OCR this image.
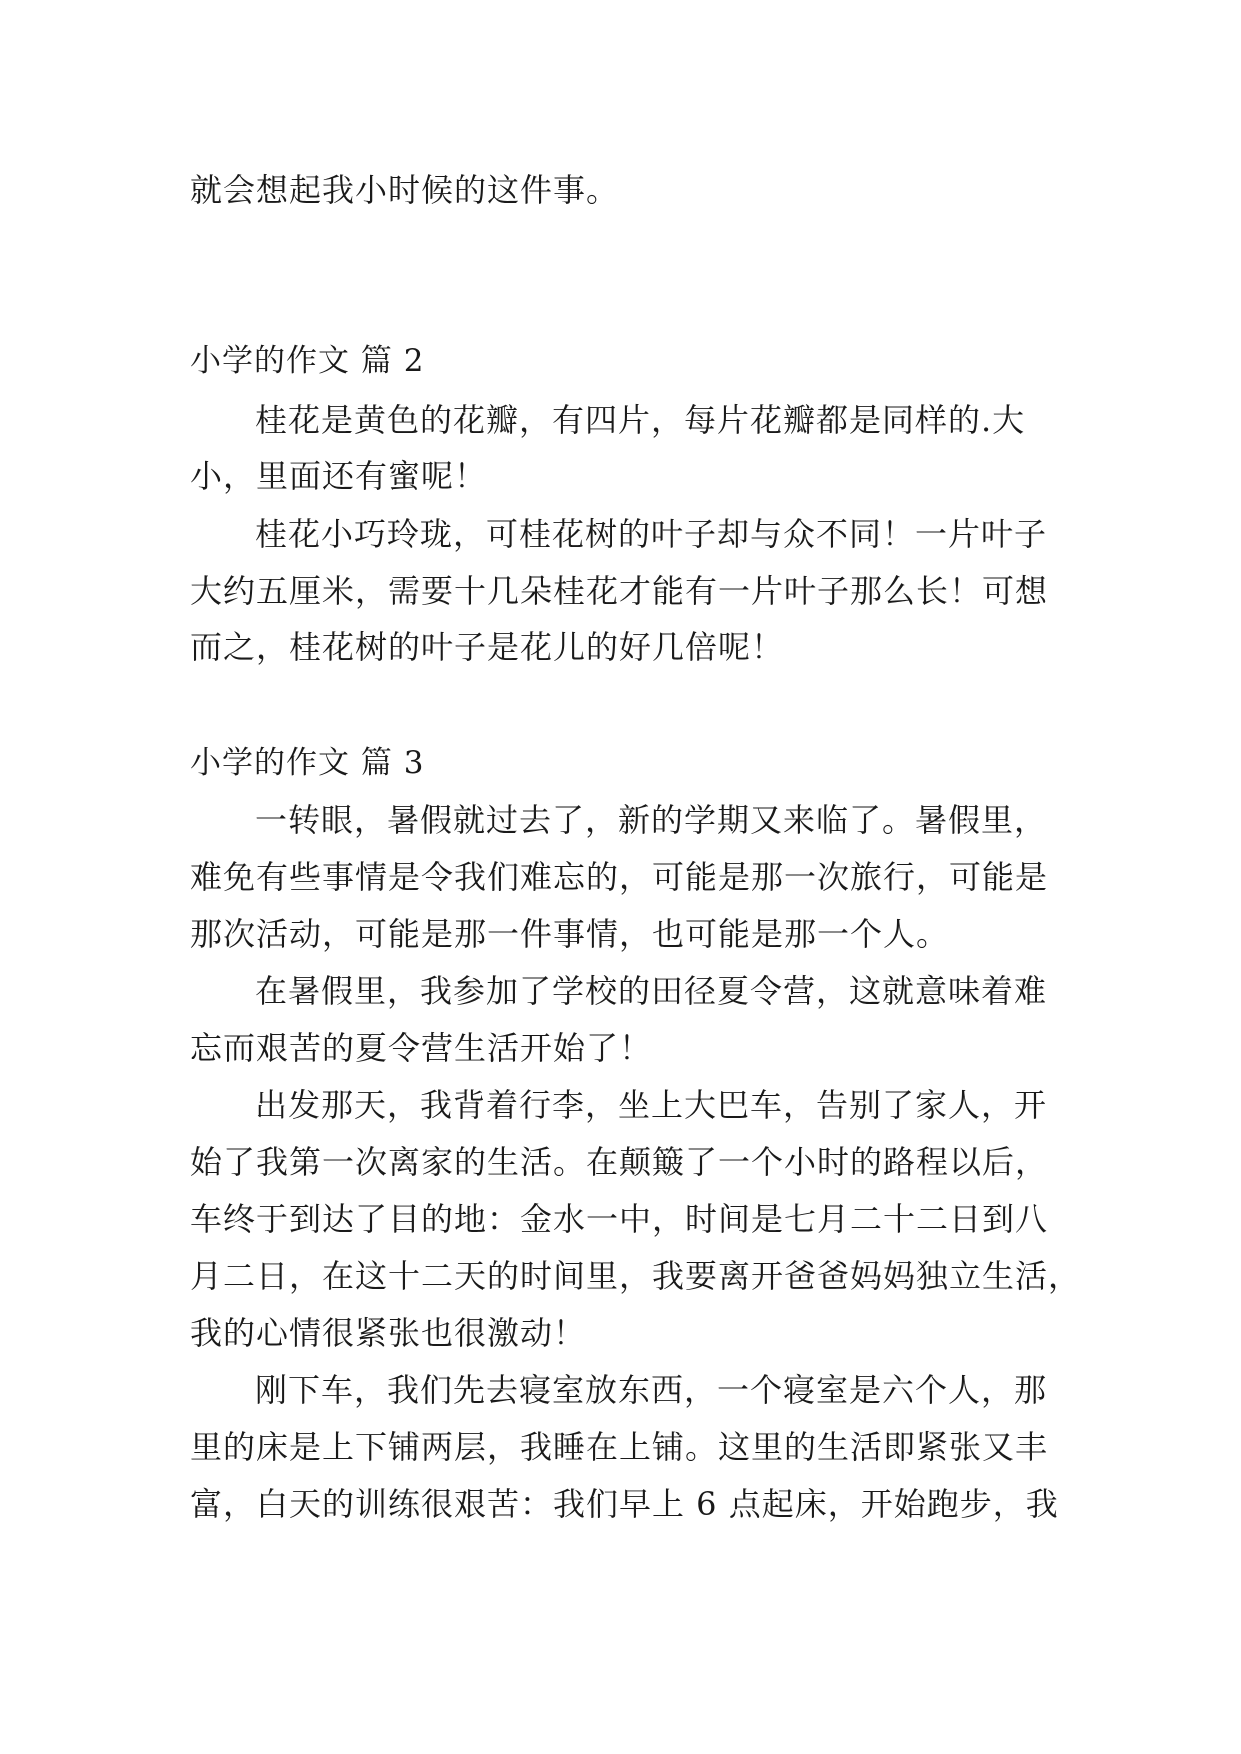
就会想起我小时候的这件事。
小学的作文 篇 2
桂花是黄色的花瓣，有四片，每片花瓣都是同样的.大
小，里面还有蜜呢！
桂花小巧玲珑，可桂花树的叶子却与众不同！一片叶子
大约五厘米，需要十几朵桂花才能有一片叶子那么长！可想
而之，桂花树的叶子是花儿的好几倍呢！
小学的作文 篇 3
一转眼，暑假就过去了，新的学期又来临了。暑假里，
难免有些事情是令我们难忘的，可能是那一次旅行，可能是
那次活动，可能是那一件事情，也可能是那一个人。
在暑假里，我参加了学校的田径夏令营，这就意味着难
忘而艰苦的夏令营生活开始了！
出发那天，我背着行李，坐上大巴车，告别了家人，开
始了我第一次离家的生活。在颠簸了一个小时的路程以后，
车终于到达了目的地：金水一中，时间是七月二十二日到八
月二日，在这十二天的时间里，我要离开爸爸妈妈独立生活，
我的心情很紧张也很激动！
刚下车，我们先去寝室放东西，一个寝室是六个人，那
里的床是上下铺两层，我睡在上铺。这里的生活即紧张又丰
富，白天的训练很艰苦：我们早上 6 点起床，开始跑步，我
